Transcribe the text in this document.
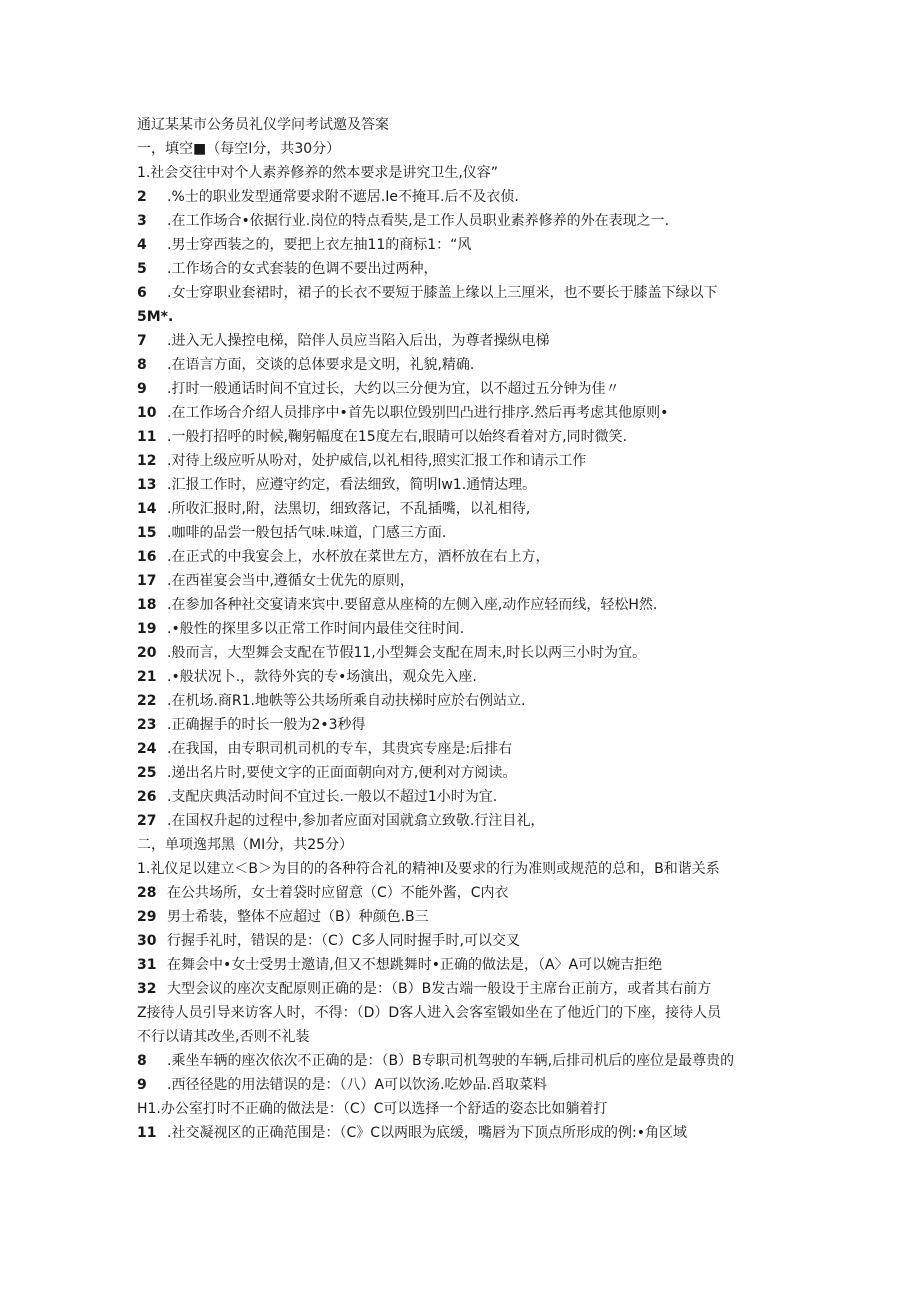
通辽某某市公务员礼仪学问考试邀及答案
一，填空■（每空I分，共30分）
1.社会交往中对个人素养修养的然本要求是讲究卫生,仪容”
2 .%士的职业发型通常要求附不遮居.Ie不掩耳.后不及衣侦.
3 .在工作场合•依据行业.岗位的特点看奘,是工作人员职业素养修养的外在表现之一.
4 .男士穿西装之的，要把上衣左抽11的商标1：“风
5 .工作场合的女式套装的色调不要出过两种，
6 .女士穿职业套裙时，裙子的长衣不要短于膝盖上缘以上三厘米，也不要长于膝盖下绿以下
5M*.
7 .进入无人操控电梯，陪伴人员应当陷入后出，为尊者操纵电梯
8 .在语言方面，交谈的总体要求是文明，礼貌,精确.
9 .打时一般通话时间不宜过长，大约以三分便为宜，以不超过五分钟为佳〃
10 .在工作场合介绍人员排序中•首先以职位毁别凹凸进行排序.然后再考虑其他原则•
11 .一般打招呼的时候,鞠躬幅度在15度左右,眼睛可以始终看着对方,同时微笑.
12 .对待上级应听从吩对，处护威信,以礼相待,照实汇报工作和请示工作
13 .汇报工作时，应遵守约定，看法细致，简明lw1.通情达理。
14 .所收汇报时,附，法黑切，细致落记，不乱插嘴，以礼相待,
15 .咖啡的品尝一般包括气味.味道，门感三方面.
16 .在正式的中我宴会上，水杯放在菜世左方，酒杯放在右上方，
17 .在西崔宴会当中,遵循女士优先的原则，
18 .在参加各种社交宴请来宾中.要留意从座椅的左侧入座,动作应轻而线，轻松H然.
19 .•般性的探里多以正常工作时间内最佳交往时间.
20 .般而言，大型舞会支配在节假11,小型舞会支配在周末,时长以两三小时为宜。
21 .•般状况卜.，款待外宾的专•场演出，观众先入座.
22 .在机场.商R1.地帙等公共场所乘自动扶梯时应於右例站立.
23 .正确握手的时长一般为2•3秒得
24 .在我国，由专职司机司机的专车，其贵宾专座是:后排右
25 .递出名片时,要使文字的正面面朝向对方,便利对方阅读。
26 .支配庆典活动时间不宜过长.一般以不超过1小时为宜.
27 .在国权升起的过程中,参加者应面对国就翕立致敬.行注目礼，
二，单项逸邦黑（MI分，共25分）
1.礼仪足以建立＜B＞为目的的各种符合礼的精神I及要求的行为准则或规范的总和，B和谐关系
28 在公共场所，女士着袋时应留意（C）不能外酱，C内衣
29 男士希装，整体不应超过（B）种颜色.B三
30 行握手礼时，错误的是：（C）C多人同时握手时,可以交叉
31 在舞会中•女士受男士邀请,但又不想跳舞时•正确的做法是，（A〉A可以婉吉拒绝
32 大型会议的座次支配原则正确的是：（B）B发古端一般设于主席台正前方，或者其右前方
Z接待人员引导来访客人时，不得：（D）D客人进入会客室锻如坐在了他近门的下座，接待人员
不行以请其改坐,否则不礼装
8 .乘坐车辆的座次依次不正确的是：（B）B专职司机驾驶的车辆,后排司机后的座位是最尊贵的
9 .西径径匙的用法错误的是：（八）A可以饮汤.吃妙品.舀取菜料
H1.办公室打时不正确的做法是：（C）C可以选择一个舒适的姿态比如躺着打
11 .社交凝视区的正确范围是：（C》C以两眼为底缓，嘴唇为下顶点所形成的例:•角区域
